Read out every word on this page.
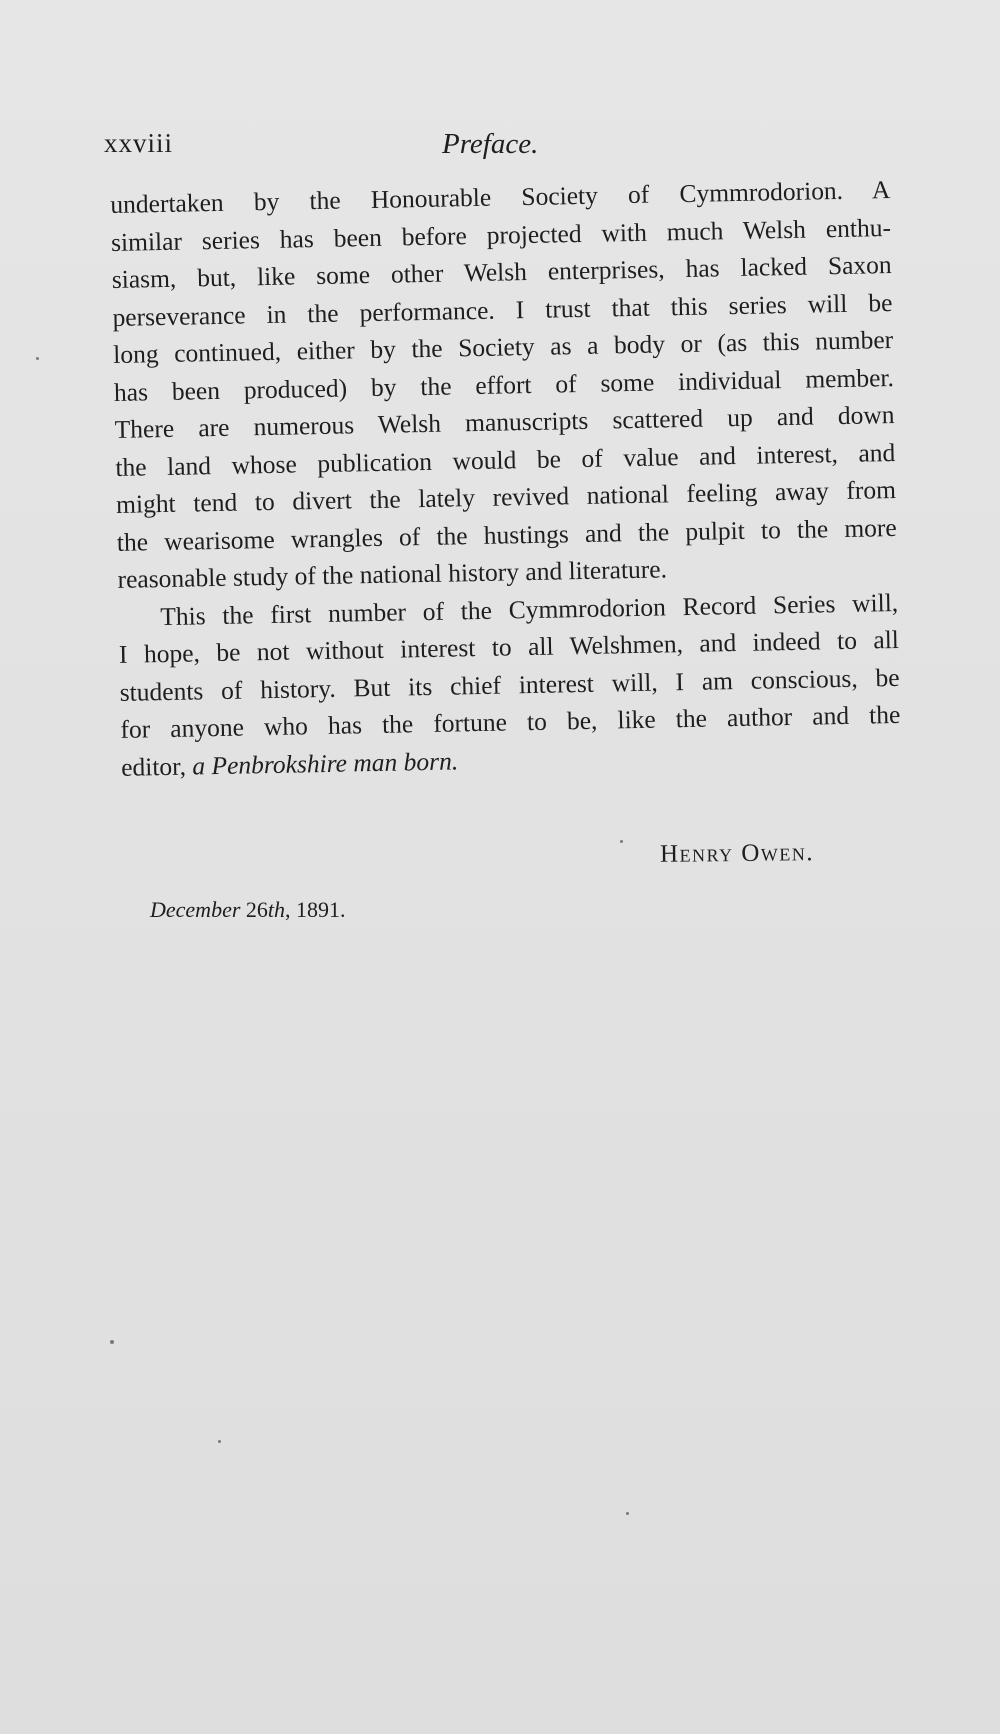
xxviii	Preface.
undertaken by the Honourable Society of Cymmrodorion. A
similar series has been before projected with much Welsh enthu-
siasm, but, like some other Welsh enterprises, has lacked Saxon
perseverance in the performance. I trust that this series will be
long continued, either by the Society as a body or (as this number
has been produced) by the effort of some individual member.
There are numerous Welsh manuscripts scattered up and down
the land whose publication would be of value and interest, and
might tend to divert the lately revived national feeling away from
the wearisome wrangles of the hustings and the pulpit to the more
reasonable study of the national history and literature.
This the first number of the Cymmrodorion Record Series will,
I hope, be not without interest to all Welshmen, and indeed to all
students of history. But its chief interest will, I am conscious, be
for anyone who has the fortune to be, like the author and the
editor, a Penbrokshire man born.
Henry Owen.
December 26th, 1891.
